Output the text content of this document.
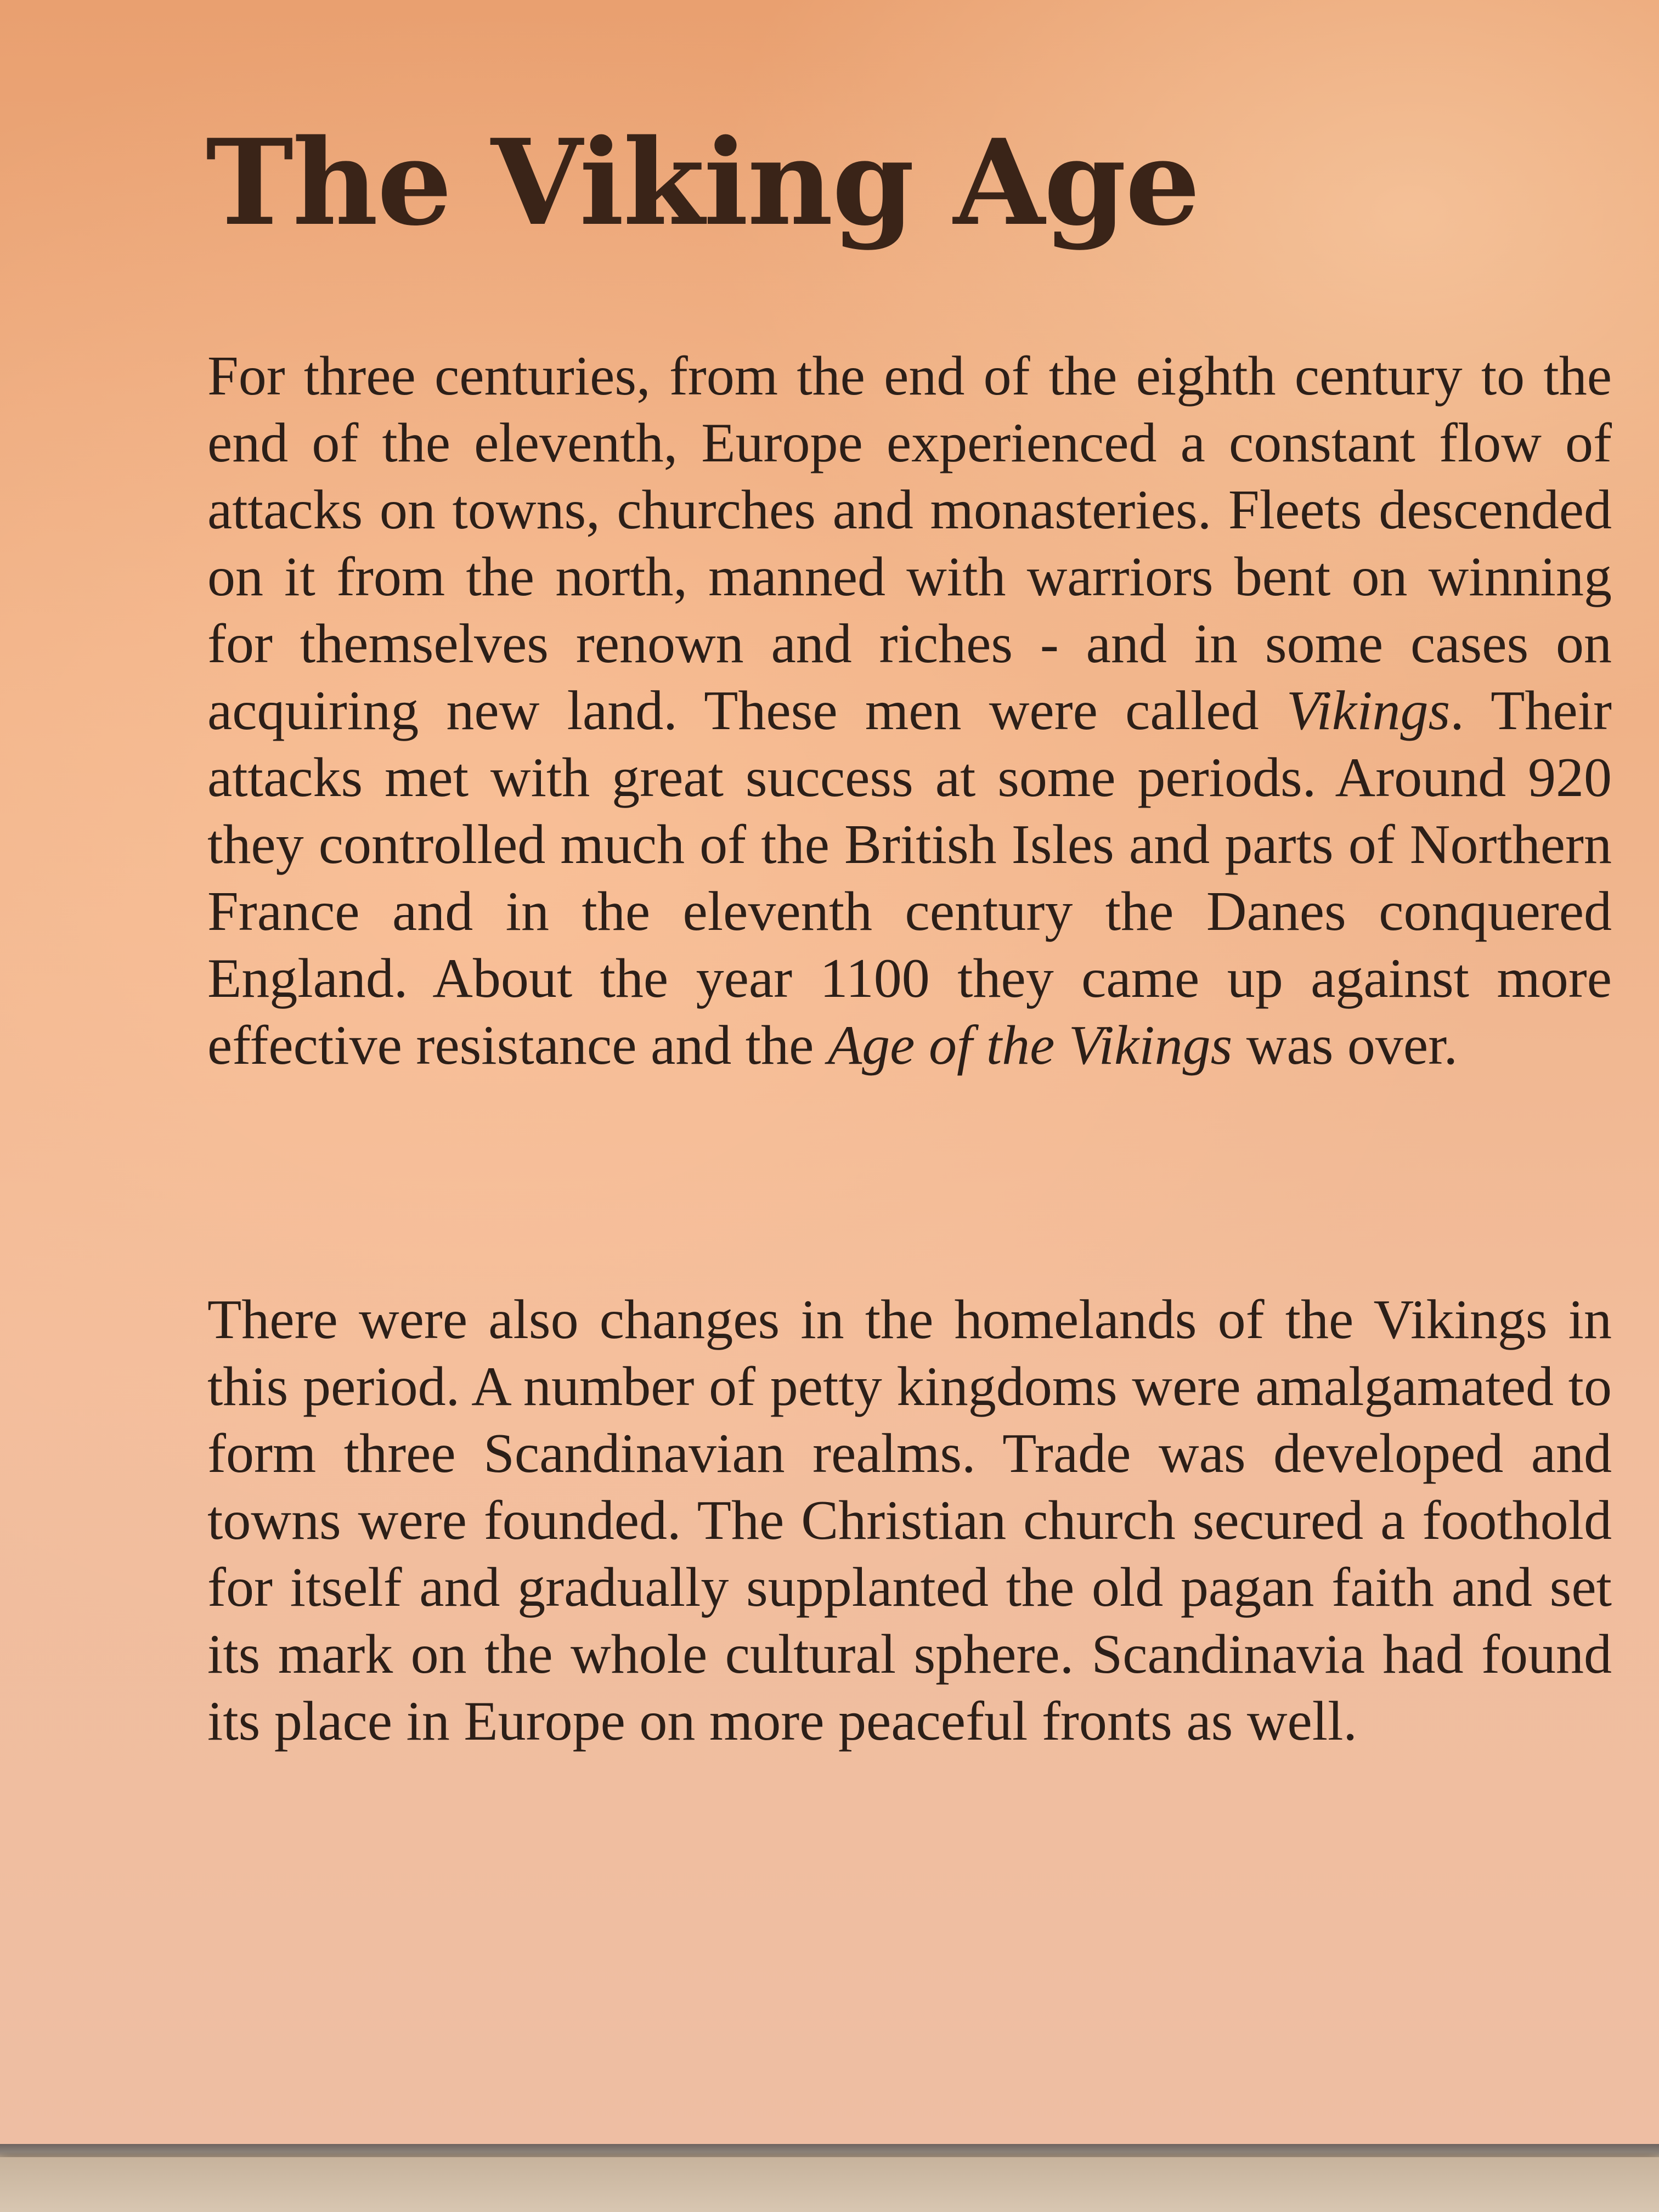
The Viking Age

For three centuries, from the end of the eighth century to the end of the eleventh, Europe experienced a constant flow of attacks on towns, churches and monasteries. Fleets descended on it from the north, manned with warriors bent on winning for themselves renown and riches - and in some cases on acquiring new land. These men were called Vikings. Their attacks met with great success at some periods. Around 920 they controlled much of the British Isles and parts of Northern France and in the eleventh century the Danes conquered England. About the year 1100 they came up against more effective resistance and the Age of the Vikings was over.

There were also changes in the homelands of the Vikings in this period. A number of petty kingdoms were amalgamated to form three Scandinavian realms. Trade was developed and towns were founded. The Christian church secured a foothold for itself and gradually supplanted the old pagan faith and set its mark on the whole cultural sphere. Scandinavia had found its place in Europe on more peaceful fronts as well.
